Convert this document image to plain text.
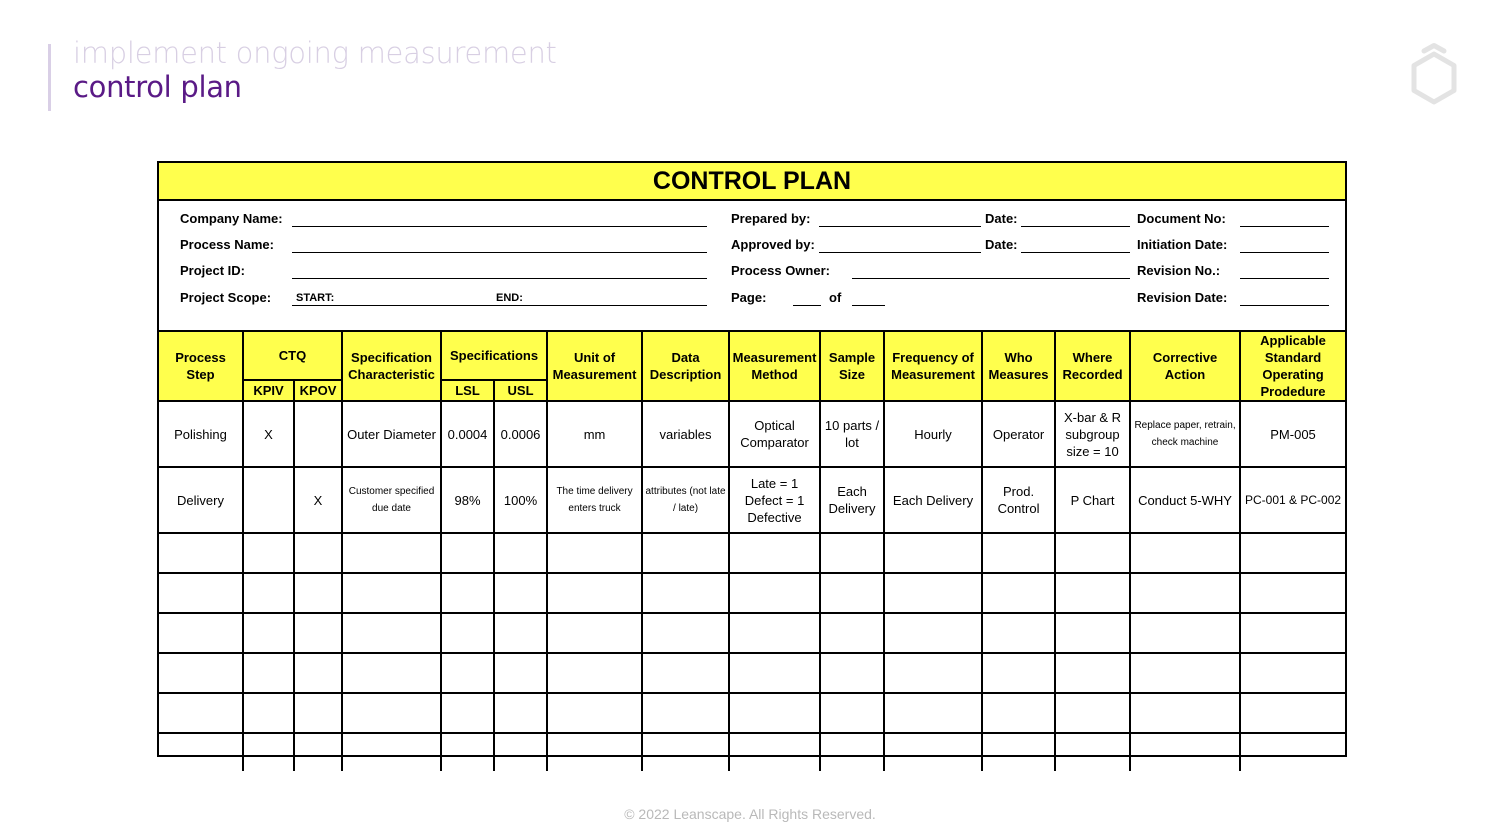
implement ongoing measurement
control plan
CONTROL PLAN
Company Name:
Process Name:
Project ID:
Project Scope: START:	END:
Prepared by:
Approved by:
Process Owner:
Page:	of
Date:
Date:
Document No:
Initiation Date:
Revision No.:
Revision Date:
Process Step	CTQ		Specification Characteristic	Specifications		Unit of Measurement	Data Description	Measurement Method	Sample Size	Frequency of Measurement	Who Measures	Where Recorded	Corrective Action	Applicable Standard Operating Prodedure
	KPIV	KPOV		LSL	USL									
Polishing	X		Outer Diameter	0.0004	0.0006	mm	variables	Optical Comparator	10 parts / lot	Hourly	Operator	X-bar & R subgroup size = 10	Replace paper, retrain, check machine	PM-005
Delivery		X	Customer specified due date	98%	100%	The time delivery enters truck	attributes (not late / late)	Late = 1 Defect = 1 Defective	Each Delivery	Each Delivery	Prod. Control	P Chart	Conduct 5-WHY	PC-001 & PC-002

© 2022 Leanscape. All Rights Reserved.
